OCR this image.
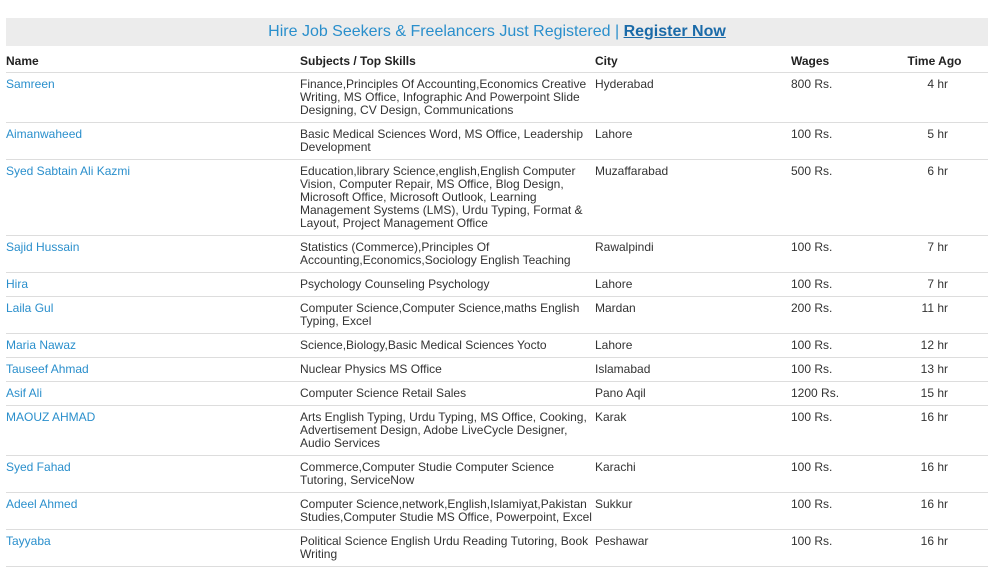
Hire Job Seekers & Freelancers Just Registered | Register Now
Name	Subjects / Top Skills	City	Wages	Time Ago
Samreen	Finance,Principles Of Accounting,Economics Creative Writing, MS Office, Infographic And Powerpoint Slide Designing, CV Design, Communications	Hyderabad	800 Rs.	4 hr
Aimanwaheed	Basic Medical Sciences Word, MS Office, Leadership Development	Lahore	100 Rs.	5 hr
Syed Sabtain Ali Kazmi	Education,library Science,english,English Computer Vision, Computer Repair, MS Office, Blog Design, Microsoft Office, Microsoft Outlook, Learning Management Systems (LMS), Urdu Typing, Format & Layout, Project Management Office	Muzaffarabad	500 Rs.	6 hr
Sajid Hussain	Statistics (Commerce),Principles Of Accounting,Economics,Sociology English Teaching	Rawalpindi	100 Rs.	7 hr
Hira	Psychology Counseling Psychology	Lahore	100 Rs.	7 hr
Laila Gul	Computer Science,Computer Science,maths English Typing, Excel	Mardan	200 Rs.	11 hr
Maria Nawaz	Science,Biology,Basic Medical Sciences Yocto	Lahore	100 Rs.	12 hr
Tauseef Ahmad	Nuclear Physics MS Office	Islamabad	100 Rs.	13 hr
Asif Ali	Computer Science Retail Sales	Pano Aqil	1200 Rs.	15 hr
MAOUZ AHMAD	Arts English Typing, Urdu Typing, MS Office, Cooking, Advertisement Design, Adobe LiveCycle Designer, Audio Services	Karak	100 Rs.	16 hr
Syed Fahad	Commerce,Computer Studie Computer Science Tutoring, ServiceNow	Karachi	100 Rs.	16 hr
Adeel Ahmed	Computer Science,network,English,Islamiyat,Pakistan Studies,Computer Studie MS Office, Powerpoint, Excel	Sukkur	100 Rs.	16 hr
Tayyaba	Political Science English Urdu Reading Tutoring, Book Writing	Peshawar	100 Rs.	16 hr
